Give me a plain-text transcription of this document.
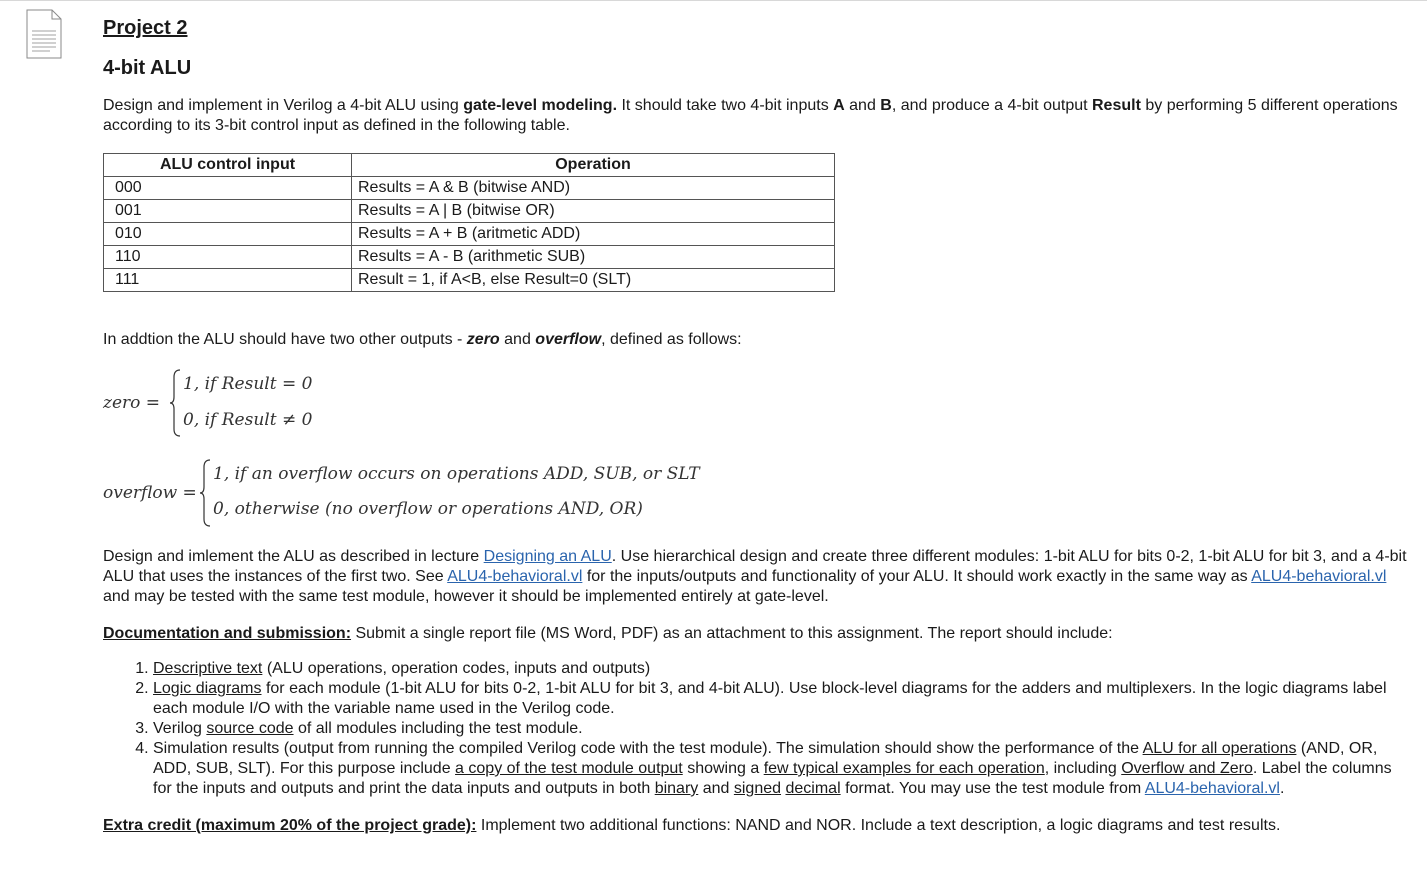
Project 2
4-bit ALU

Design and implement in Verilog a 4-bit ALU using gate-level modeling. It should take two 4-bit inputs A and B, and produce a 4-bit output Result by performing 5 different operations according to its 3-bit control input as defined in the following table.

ALU control input	Operation
000	Results = A & B (bitwise AND)
001	Results = A | B (bitwise OR)
010	Results = A + B (aritmetic ADD)
110	Results = A - B (arithmetic SUB)
111	Result = 1, if A<B, else Result=0 (SLT)

In addtion the ALU should have two other outputs - zero and overflow, defined as follows:

zero =
1, if Result = 0
0, if Result ≠ 0
overflow =
1, if an overflow occurs on operations ADD, SUB, or SLT
0, otherwise (no overflow or operations AND, OR)

Design and imlement the ALU as described in lecture Designing an ALU. Use hierarchical design and create three different modules: 1-bit ALU for bits 0-2, 1-bit ALU for bit 3, and a 4-bit ALU that uses the instances of the first two. See ALU4-behavioral.vl for the inputs/outputs and functionality of your ALU. It should work exactly in the same way as ALU4-behavioral.vl and may be tested with the same test module, however it should be implemented entirely at gate-level.

Documentation and submission: Submit a single report file (MS Word, PDF) as an attachment to this assignment. The report should include:

1. Descriptive text (ALU operations, operation codes, inputs and outputs)
2. Logic diagrams for each module (1-bit ALU for bits 0-2, 1-bit ALU for bit 3, and 4-bit ALU). Use block-level diagrams for the adders and multiplexers. In the logic diagrams label each module I/O with the variable name used in the Verilog code.
3. Verilog source code of all modules including the test module.
4. Simulation results (output from running the compiled Verilog code with the test module). The simulation should show the performance of the ALU for all operations (AND, OR, ADD, SUB, SLT). For this purpose include a copy of the test module output showing a few typical examples for each operation, including Overflow and Zero. Label the columns for the inputs and outputs and print the data inputs and outputs in both binary and signed decimal format. You may use the test module from ALU4-behavioral.vl.

Extra credit (maximum 20% of the project grade): Implement two additional functions: NAND and NOR. Include a text description, a logic diagrams and test results.
